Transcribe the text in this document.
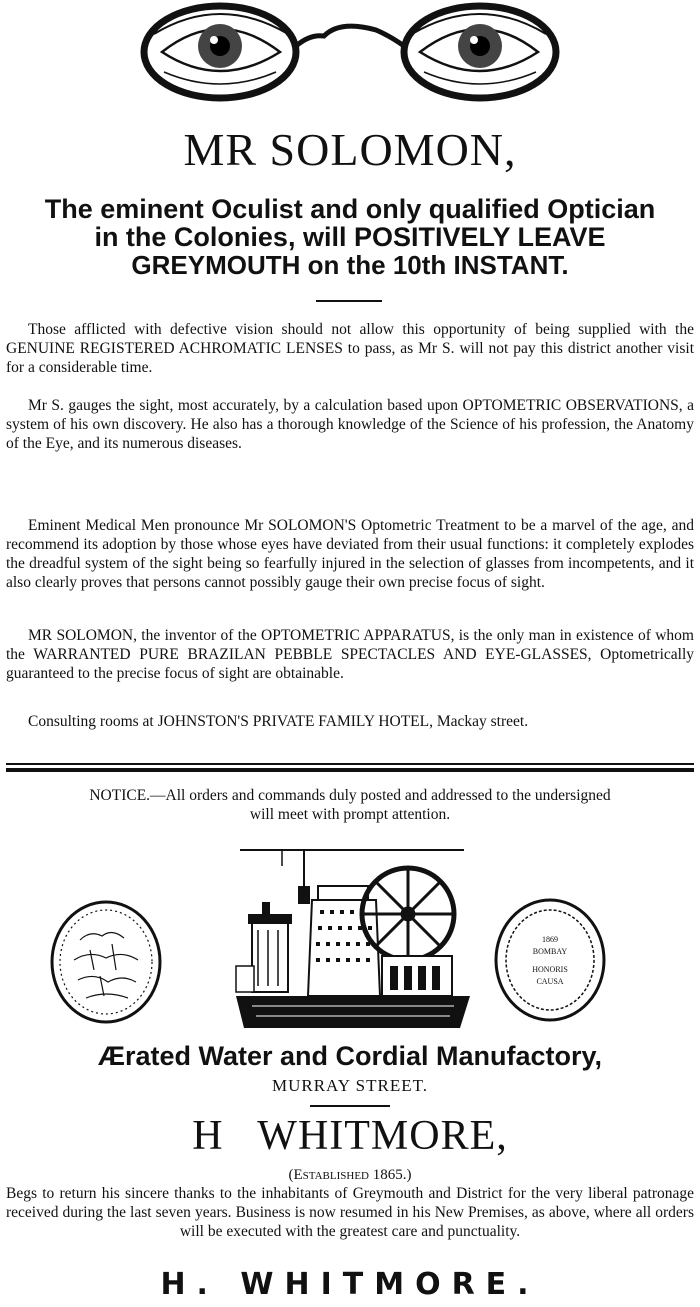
MR SOLOMON,
The eminent Oculist and only qualified Optician
in the Colonies, will POSITIVELY LEAVE
GREYMOUTH on the 10th INSTANT.

Those afflicted with defective vision should not allow this opportunity of being supplied with the GENUINE REGISTERED ACHROMATIC LENSES to pass, as Mr S. will not pay this district another visit for a considerable time.

Mr S. gauges the sight, most accurately, by a calculation based upon OPTOMETRIC OBSERVATIONS, a system of his own discovery. He also has a thorough knowledge of the Science of his profession, the Anatomy of the Eye, and its numerous diseases.

Eminent Medical Men pronounce Mr SOLOMON'S Optometric Treatment to be a marvel of the age, and recommend its adoption by those whose eyes have deviated from their usual functions: it completely explodes the dreadful system of the sight being so fearfully injured in the selection of glasses from incompetents, and it also clearly proves that persons cannot possibly gauge their own precise focus of sight.

MR SOLOMON, the inventor of the OPTOMETRIC APPARATUS, is the only man in existence of whom the WARRANTED PURE BRAZILAN PEBBLE SPECTACLES AND EYE-GLASSES, Optometrically guaranteed to the precise focus of sight are obtainable.

Consulting rooms at JOHNSTON'S PRIVATE FAMILY HOTEL, Mackay street.

NOTICE.—All orders and commands duly posted and addressed to the undersigned
will meet with prompt attention.
1869
BOMBAY
HONORIS
CAUSA
Ærated Water and Cordial Manufactory,
MURRAY STREET.
H   WHITMORE,
(Established 1865.)

Begs to return his sincere thanks to the inhabitants of Greymouth and District for the very liberal patronage received during the last seven years. Business is now resumed in his New Premises, as above, where all orders will be executed with the greatest care and punctuality.

H. WHITMORE.
